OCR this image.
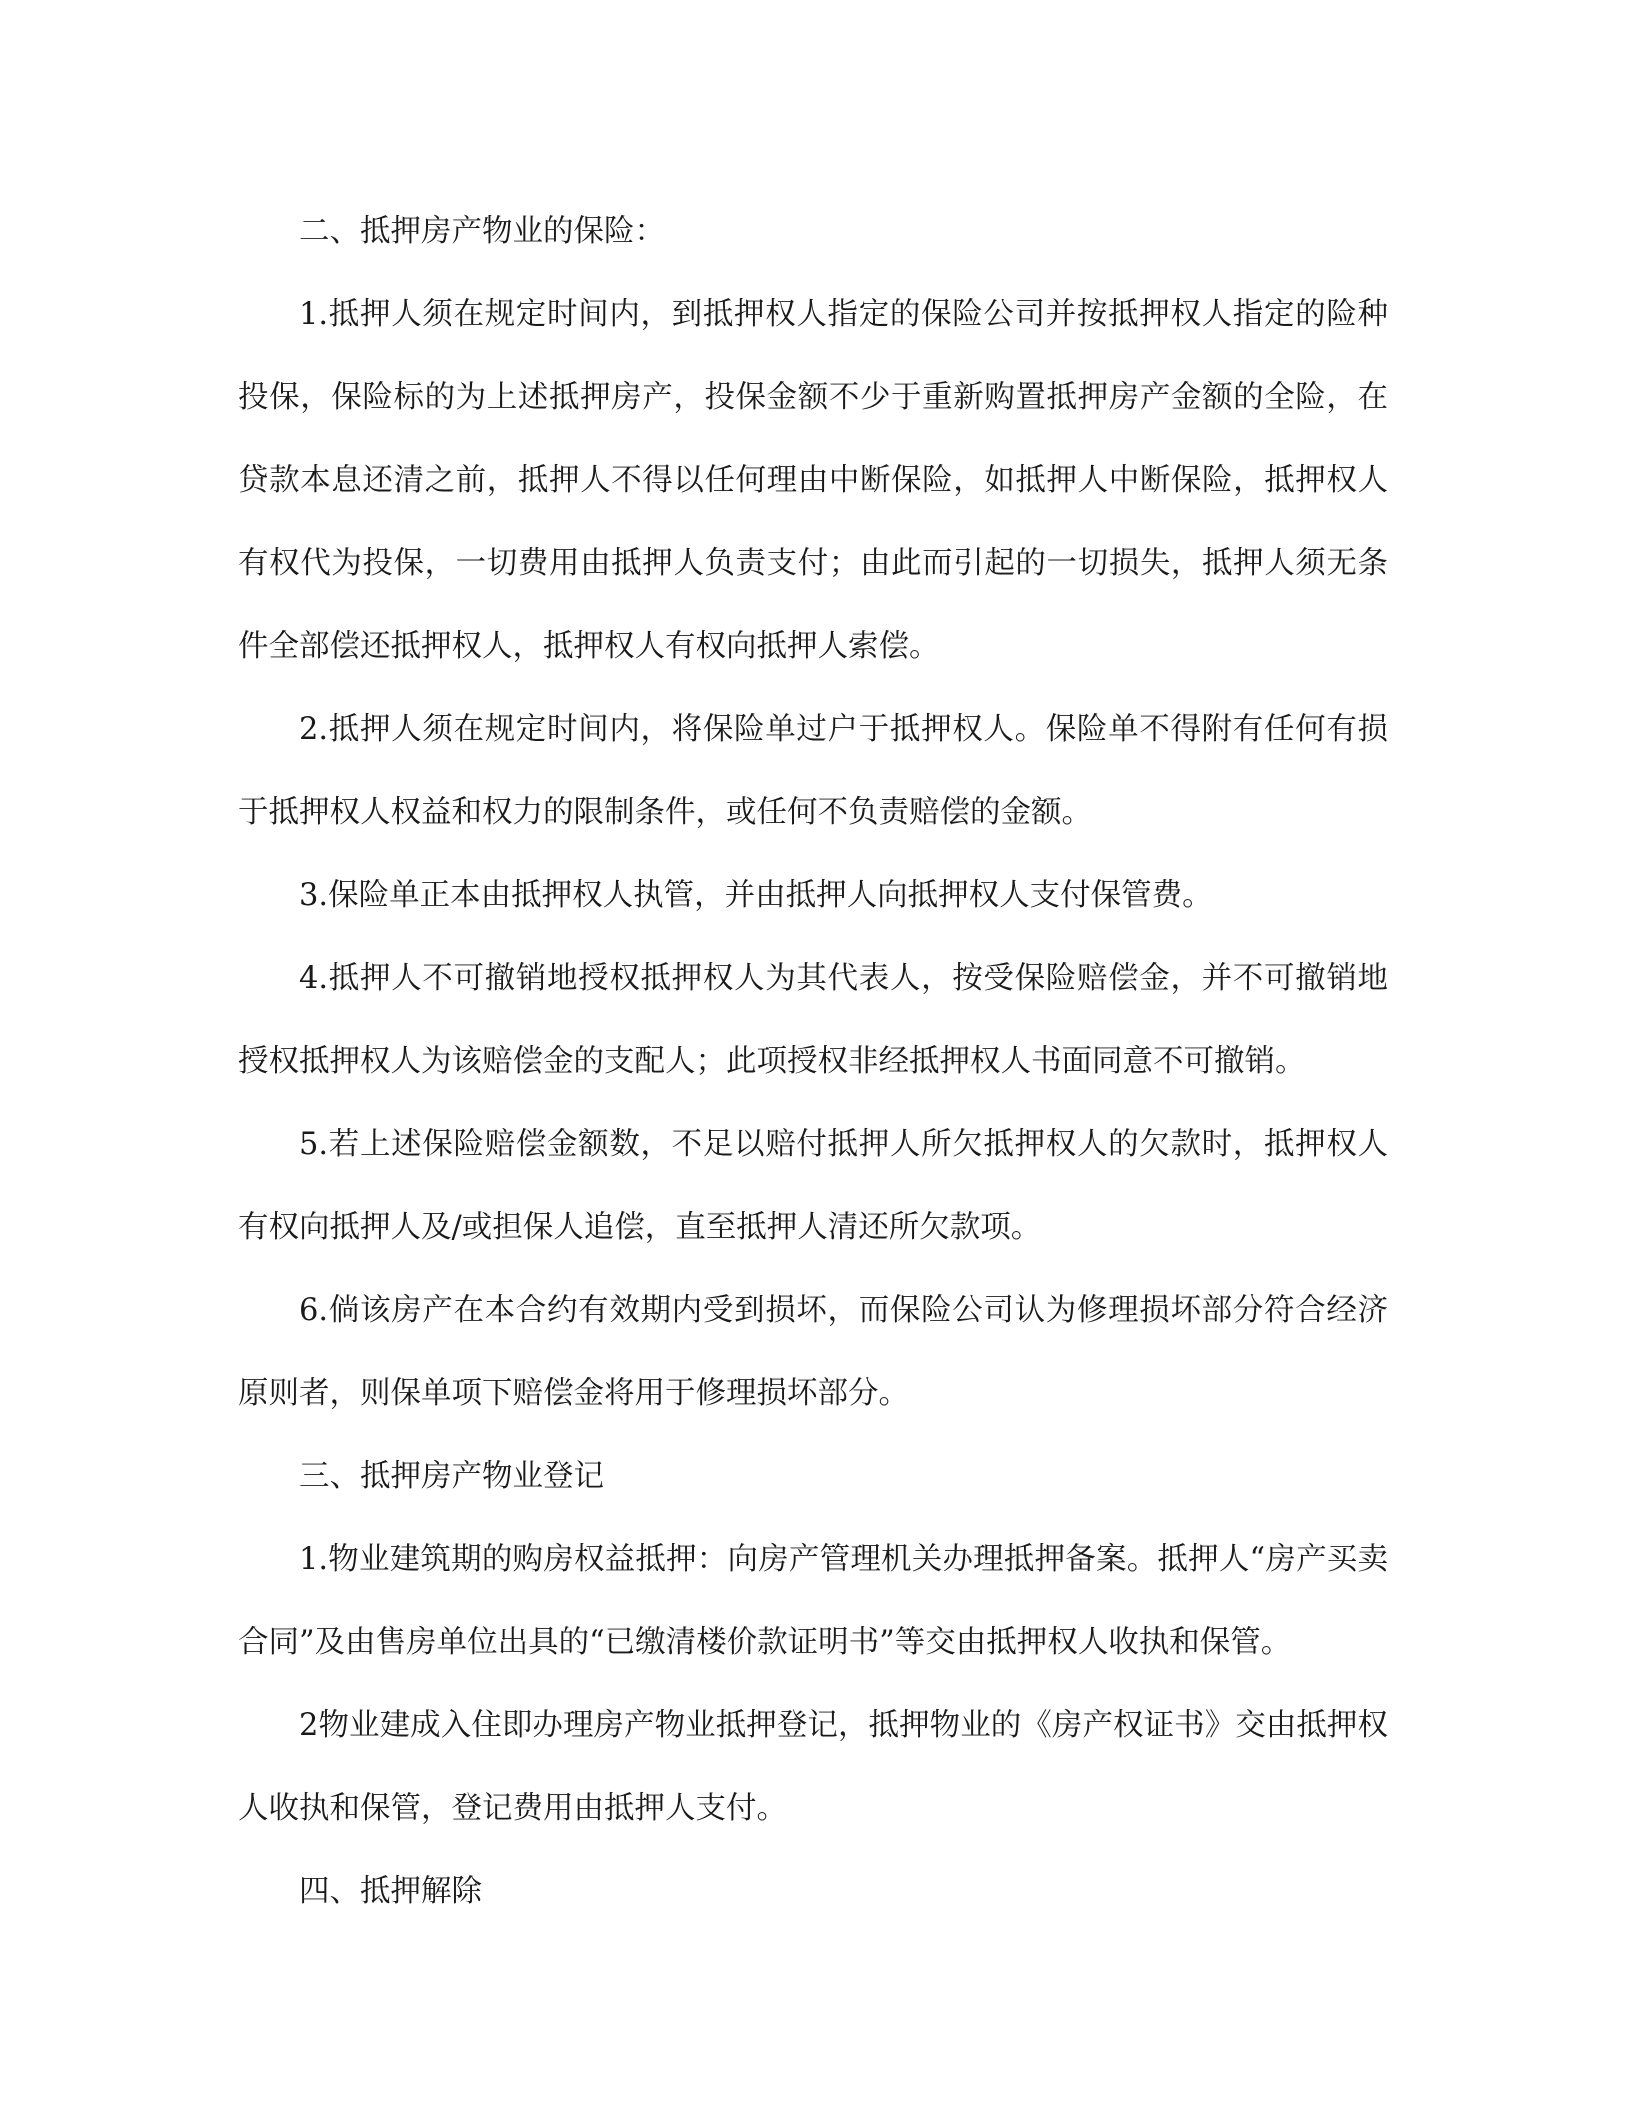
二、抵押房产物业的保险：

1.抵押人须在规定时间内，到抵押权人指定的保险公司并按抵押权人指定的险种投保，保险标的为上述抵押房产，投保金额不少于重新购置抵押房产金额的全险，在贷款本息还清之前，抵押人不得以任何理由中断保险，如抵押人中断保险，抵押权人有权代为投保，一切费用由抵押人负责支付；由此而引起的一切损失，抵押人须无条件全部偿还抵押权人，抵押权人有权向抵押人索偿。

2.抵押人须在规定时间内，将保险单过户于抵押权人。保险单不得附有任何有损于抵押权人权益和权力的限制条件，或任何不负责赔偿的金额。

3.保险单正本由抵押权人执管，并由抵押人向抵押权人支付保管费。

4.抵押人不可撤销地授权抵押权人为其代表人，按受保险赔偿金，并不可撤销地授权抵押权人为该赔偿金的支配人；此项授权非经抵押权人书面同意不可撤销。

5.若上述保险赔偿金额数，不足以赔付抵押人所欠抵押权人的欠款时，抵押权人有权向抵押人及/或担保人追偿，直至抵押人清还所欠款项。

6.倘该房产在本合约有效期内受到损坏，而保险公司认为修理损坏部分符合经济原则者，则保单项下赔偿金将用于修理损坏部分。

三、抵押房产物业登记

1.物业建筑期的购房权益抵押：向房产管理机关办理抵押备案。抵押人“房产买卖合同”及由售房单位出具的“已缴清楼价款证明书”等交由抵押权人收执和保管。

2物业建成入住即办理房产物业抵押登记，抵押物业的《房产权证书》交由抵押权人收执和保管，登记费用由抵押人支付。

四、抵押解除
